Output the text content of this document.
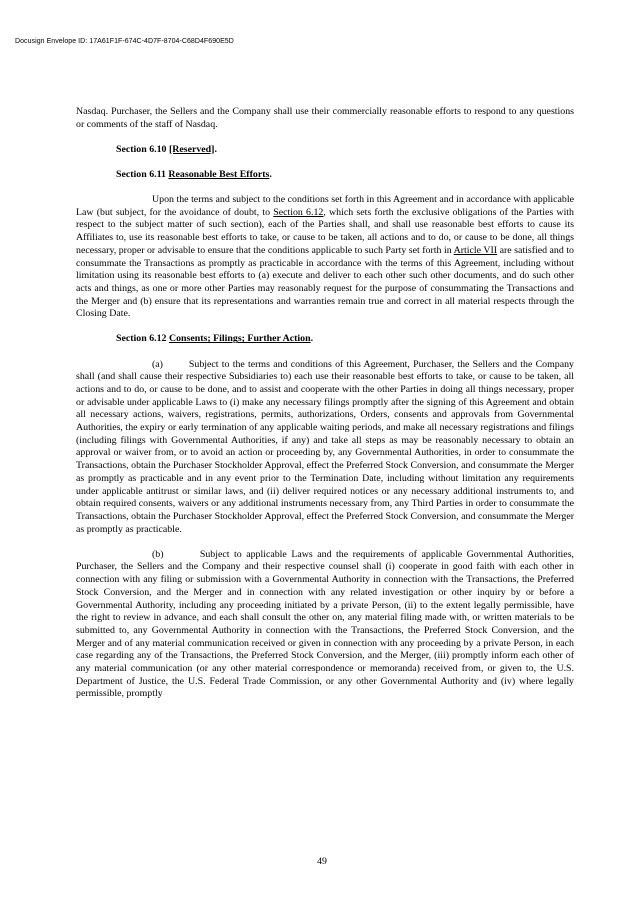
Docusign Envelope ID: 17A61F1F-674C-4D7F-8704-C68D4F690E5D

Nasdaq. Purchaser, the Sellers and the Company shall use their commercially reasonable efforts to respond to any questions or comments of the staff of Nasdaq.

Section 6.10 [Reserved].

Section 6.11 Reasonable Best Efforts.

Upon the terms and subject to the conditions set forth in this Agreement and in accordance with applicable Law (but subject, for the avoidance of doubt, to Section 6.12, which sets forth the exclusive obligations of the Parties with respect to the subject matter of such section), each of the Parties shall, and shall use reasonable best efforts to cause its Affiliates to, use its reasonable best efforts to take, or cause to be taken, all actions and to do, or cause to be done, all things necessary, proper or advisable to ensure that the conditions applicable to such Party set forth in Article VII are satisfied and to consummate the Transactions as promptly as practicable in accordance with the terms of this Agreement, including without limitation using its reasonable best efforts to (a) execute and deliver to each other such other documents, and do such other acts and things, as one or more other Parties may reasonably request for the purpose of consummating the Transactions and the Merger and (b) ensure that its representations and warranties remain true and correct in all material respects through the Closing Date.

Section 6.12 Consents; Filings; Further Action.

(a)        Subject to the terms and conditions of this Agreement, Purchaser, the Sellers and the Company shall (and shall cause their respective Subsidiaries to) each use their reasonable best efforts to take, or cause to be taken, all actions and to do, or cause to be done, and to assist and cooperate with the other Parties in doing all things necessary, proper or advisable under applicable Laws to (i) make any necessary filings promptly after the signing of this Agreement and obtain all necessary actions, waivers, registrations, permits, authorizations, Orders, consents and approvals from Governmental Authorities, the expiry or early termination of any applicable waiting periods, and make all necessary registrations and filings (including filings with Governmental Authorities, if any) and take all steps as may be reasonably necessary to obtain an approval or waiver from, or to avoid an action or proceeding by, any Governmental Authorities, in order to consummate the Transactions, obtain the Purchaser Stockholder Approval, effect the Preferred Stock Conversion, and consummate the Merger as promptly as practicable and in any event prior to the Termination Date, including without limitation any requirements under applicable antitrust or similar laws, and (ii) deliver required notices or any necessary additional instruments to, and obtain required consents, waivers or any additional instruments necessary from, any Third Parties in order to consummate the Transactions, obtain the Purchaser Stockholder Approval, effect the Preferred Stock Conversion, and consummate the Merger as promptly as practicable.

(b)        Subject to applicable Laws and the requirements of applicable Governmental Authorities, Purchaser, the Sellers and the Company and their respective counsel shall (i) cooperate in good faith with each other in connection with any filing or submission with a Governmental Authority in connection with the Transactions, the Preferred Stock Conversion, and the Merger and in connection with any related investigation or other inquiry by or before a Governmental Authority, including any proceeding initiated by a private Person, (ii) to the extent legally permissible, have the right to review in advance, and each shall consult the other on, any material filing made with, or written materials to be submitted to, any Governmental Authority in connection with the Transactions, the Preferred Stock Conversion, and the Merger and of any material communication received or given in connection with any proceeding by a private Person, in each case regarding any of the Transactions, the Preferred Stock Conversion, and the Merger, (iii) promptly inform each other of any material communication (or any other material correspondence or memoranda) received from, or given to, the U.S. Department of Justice, the U.S. Federal Trade Commission, or any other Governmental Authority and (iv) where legally permissible, promptly

49
